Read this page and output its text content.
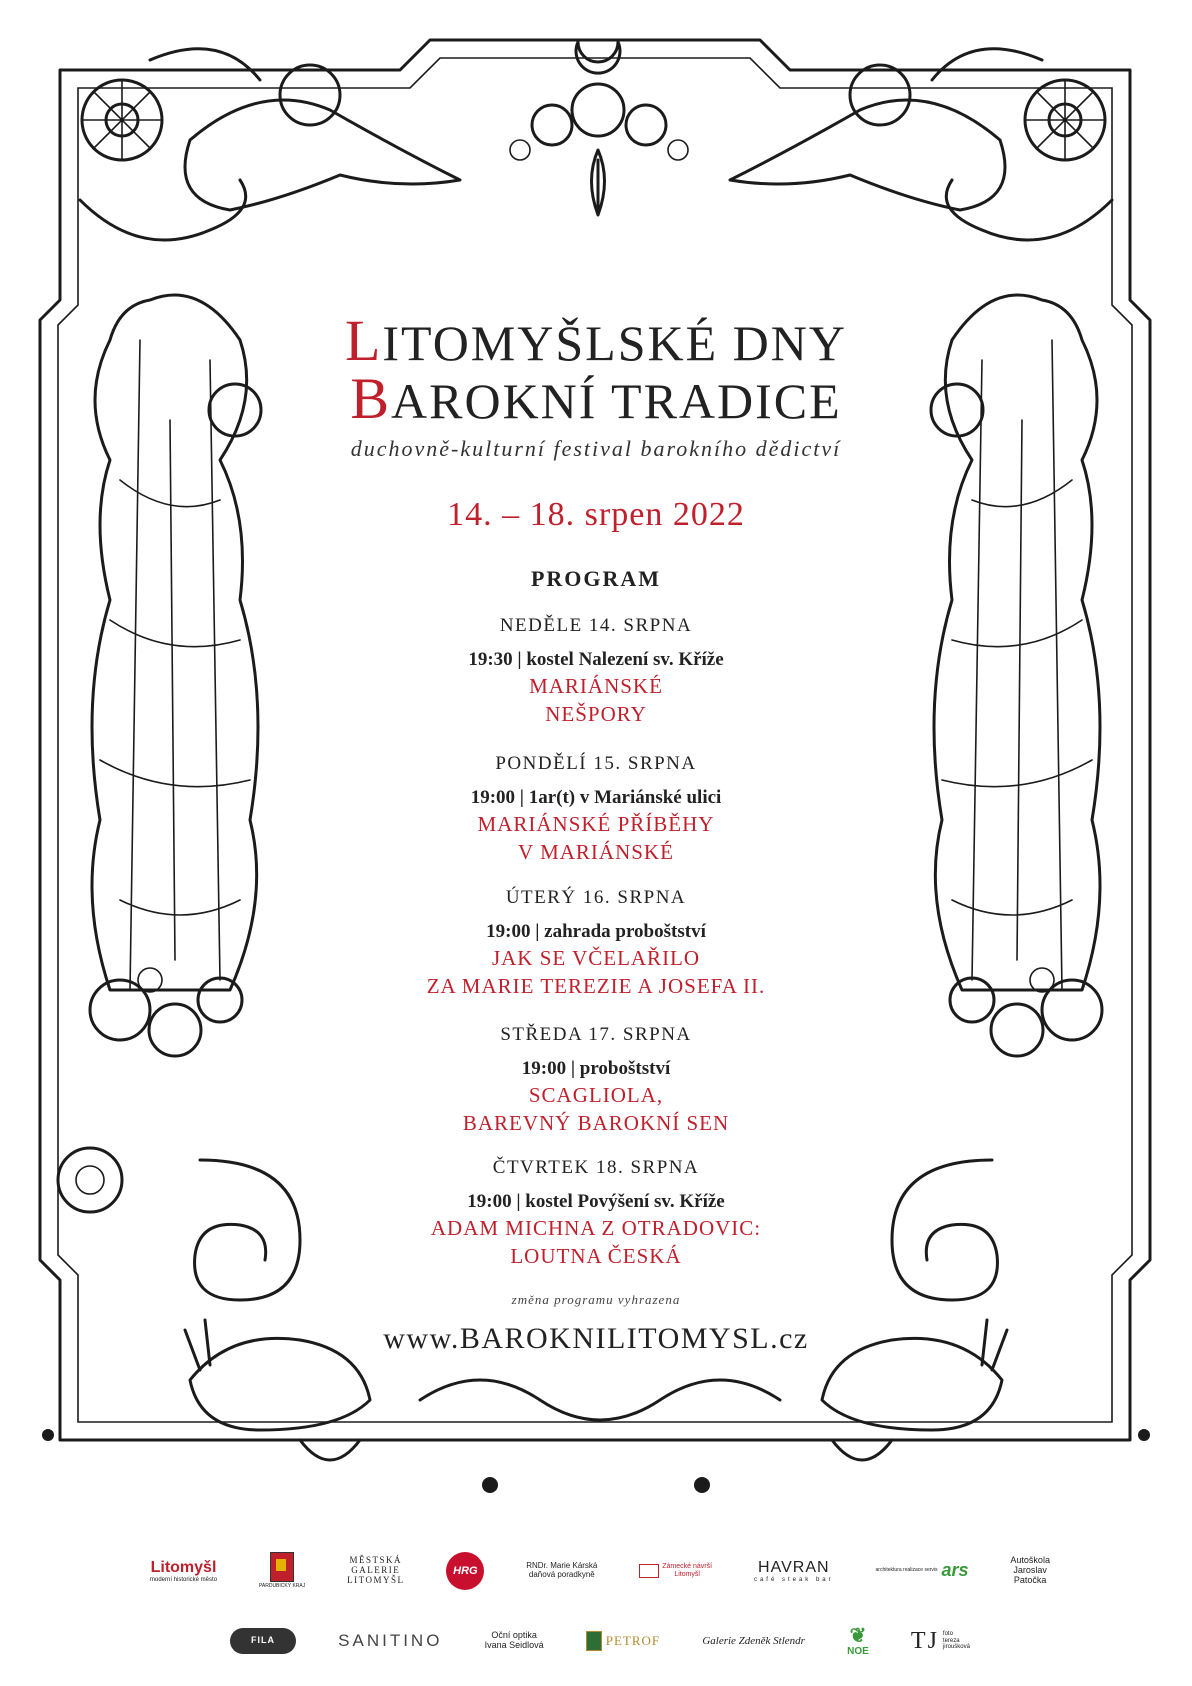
LITOMYŠLSKÉ DNY
BAROKNÍ TRADICE
duchovně-kulturní festival barokního dědictví
14. – 18. srpen 2022
PROGRAM
NEDĚLE 14. SRPNA
19:30 | kostel Nalezení sv. Kříže
MARIÁNSKÉ
NEŠPORY
PONDĚLÍ 15. SRPNA
19:00 | 1ar(t) v Mariánské ulici
MARIÁNSKÉ PŘÍBĚHY
V MARIÁNSKÉ
ÚTERÝ 16. SRPNA
19:00 | zahrada proboštství
JAK SE VČELAŘILO
ZA MARIE TEREZIE A JOSEFA II.
STŘEDA 17. SRPNA
19:00 | proboštství
SCAGLIOLA,
BAREVNÝ BAROKNÍ SEN
ČTVRTEK 18. SRPNA
19:00 | kostel Povýšení sv. Kříže
ADAM MICHNA Z OTRADOVIC:
LOUTNA ČESKÁ
změna programu vyhrazena
www.BAROKNILITOMYSL.cz
Litomyšl
moderní historické město
PARDUBICKÝ KRAJ
MĚSTSKÁ
GALERIE
LITOMYŠL
HRG	RNDr. Marie Kárská
daňová poradkyně
Zámecké návrší
Litomyšl	HAVRAN
café steak bar
architektura realizace servis ars	Autoškola
Jaroslav
Patočka
FILA	SANITINO	Oční optika
Ivana Seidlová	PETROF	Galerie Zdeněk Stlendr ❦
NOE TJ foto
tereza
jiroušková
